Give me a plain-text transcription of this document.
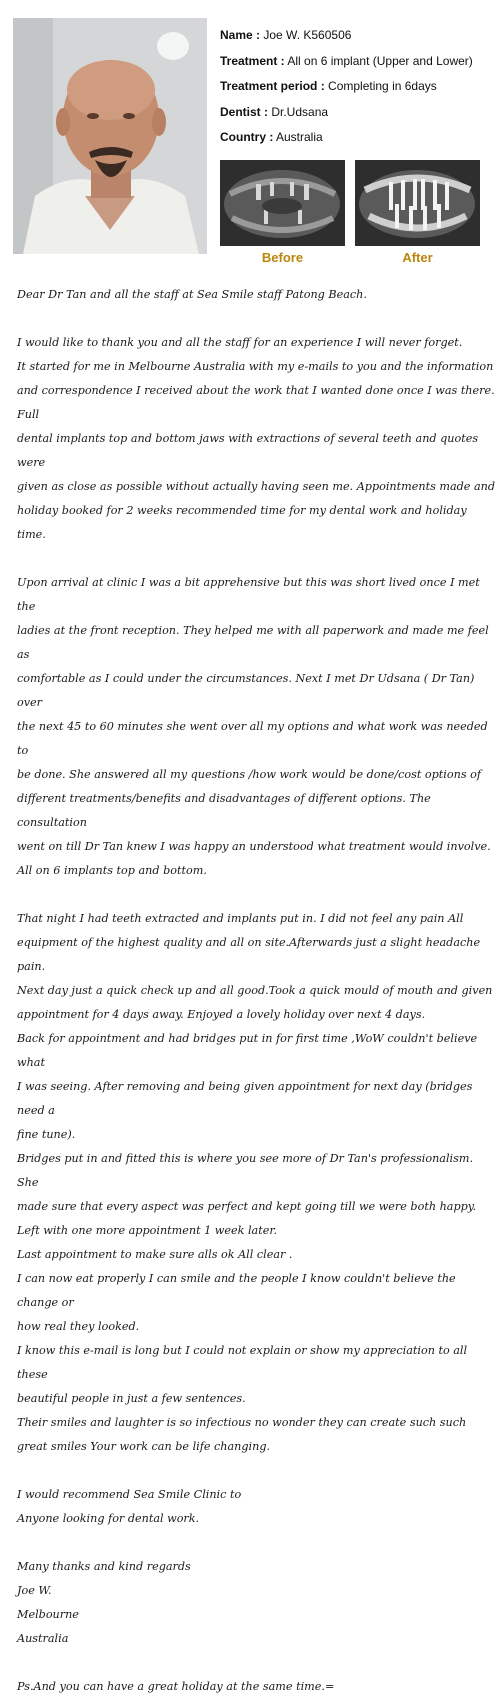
Name : Joe W. K560506
Treatment : All on 6 implant (Upper and Lower)
Treatment period : Completing in 6days
Dentist : Dr.Udsana
Country : Australia
Before	After

Dear Dr Tan and all the staff at Sea Smile staff Patong Beach.

I would like to thank you and all the staff for an experience I will never forget.

It started for me in Melbourne Australia with my e-mails to you and the information

and correspondence I received about the work that I wanted done once I was there. Full

dental implants top and bottom jaws with extractions of several teeth and quotes were

given as close as possible without actually having seen me. Appointments made and

holiday booked for 2 weeks recommended time for my dental work and holiday time.

Upon arrival at clinic I was a bit apprehensive but this was short lived once I met the

ladies at the front reception. They helped me with all paperwork and made me feel as

comfortable as I could under the circumstances. Next I met Dr Udsana ( Dr Tan) over

the next 45 to 60 minutes she went over all my options and what work was needed to

be done. She answered all my questions /how work would be done/cost options of

different treatments/benefits and disadvantages of different options. The consultation

went on till Dr Tan knew I was happy an understood what treatment would involve.

All on 6 implants top and bottom.

That night I had teeth extracted and implants put in. I did not feel any pain All

equipment of the highest quality and all on site.Afterwards just a slight headache pain.

Next day just a quick check up and all good.Took a quick mould of mouth and given

appointment for 4 days away. Enjoyed a lovely holiday over next 4 days.

Back for appointment and had bridges put in for first time ,WoW couldn't believe what

I was seeing. After removing and being given appointment for next day (bridges need a

fine tune).

Bridges put in and fitted this is where you see more of Dr Tan's professionalism. She

made sure that every aspect was perfect and kept going till we were both happy.

Left with one more appointment 1 week later.

Last appointment to make sure alls ok All clear .

I can now eat properly I can smile and the people I know couldn't believe the change or

how real they looked.

I know this e-mail is long but I could not explain or show my appreciation to all these

beautiful people in just a few sentences.

Their smiles and laughter is so infectious no wonder they can create such such

great smiles Your work can be life changing.

I would recommend Sea Smile Clinic to

Anyone looking for dental work.

Many thanks and kind regards

Joe W.

Melbourne

Australia

Ps.And you can have a great holiday at the same time.=
